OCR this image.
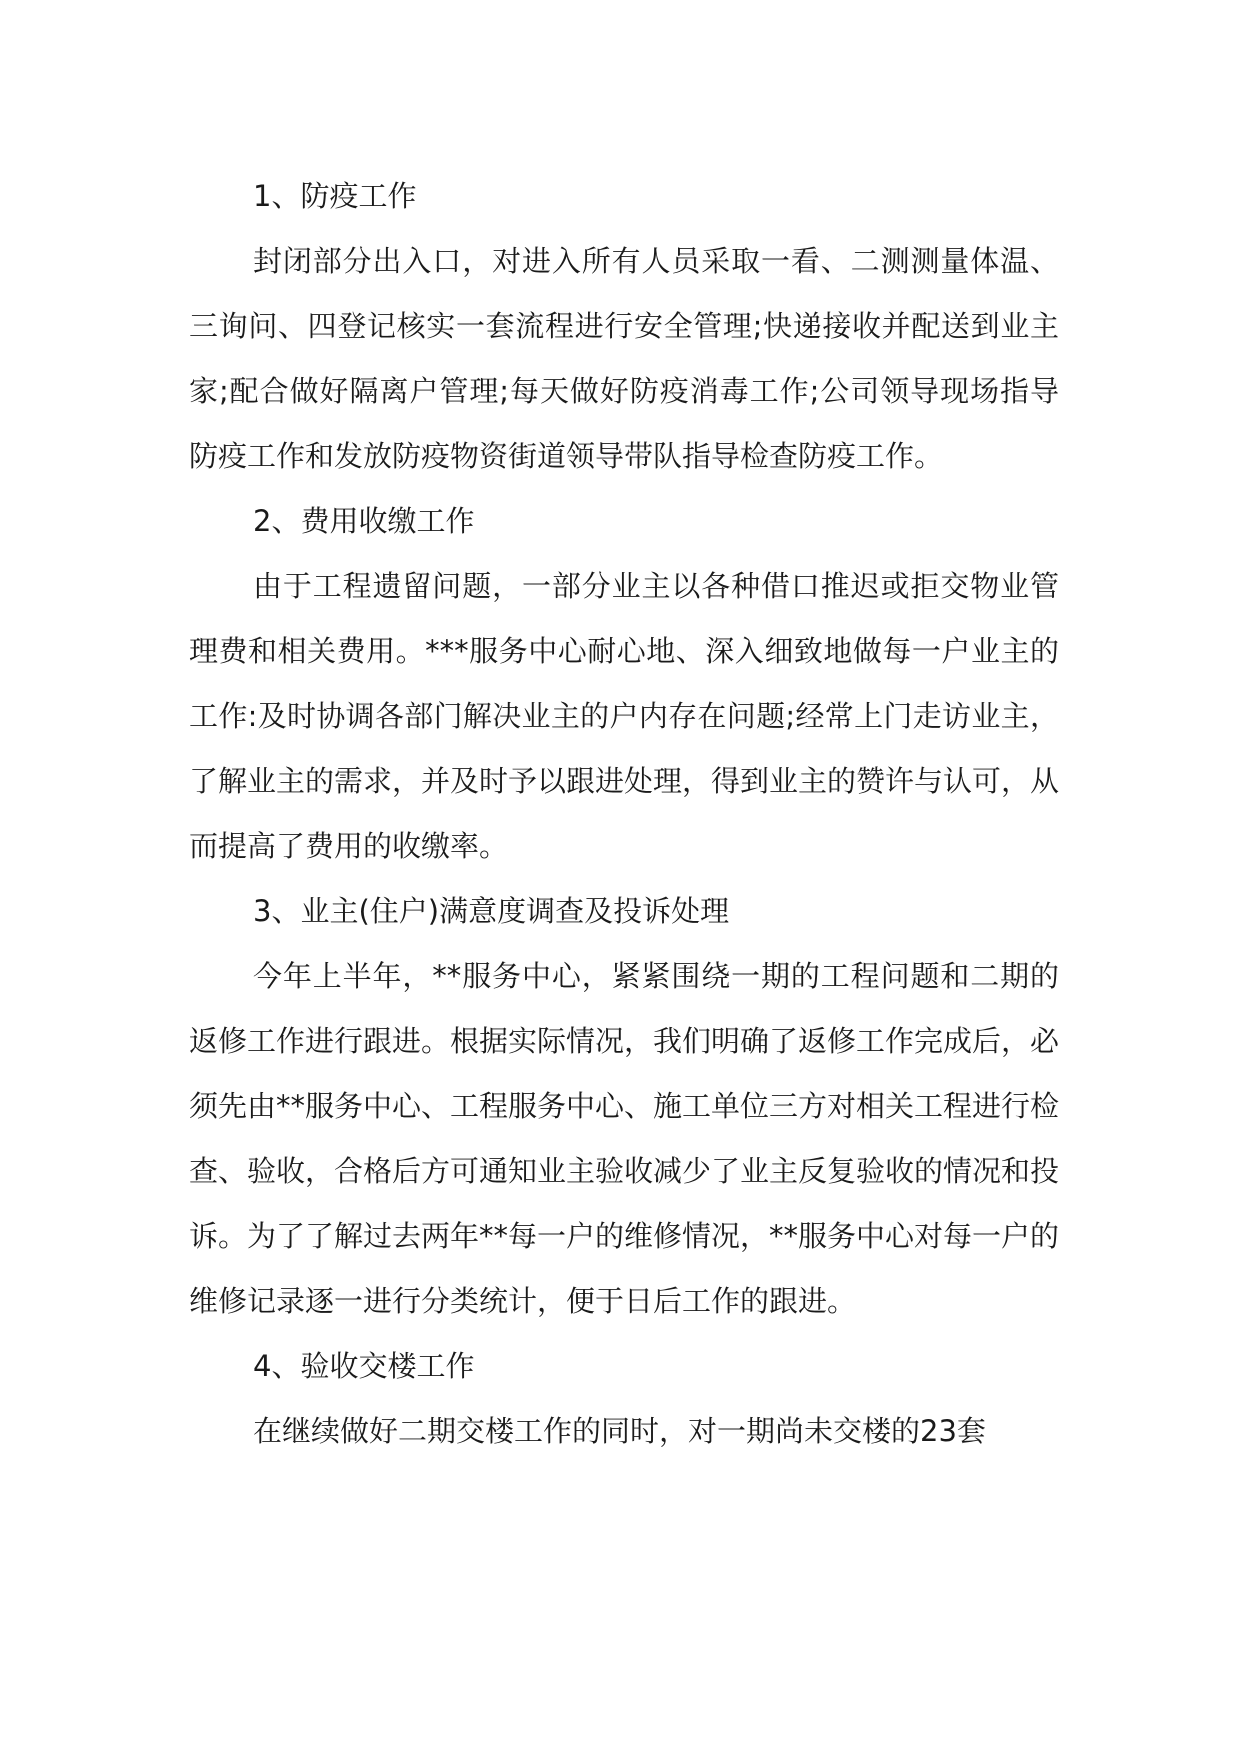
1、防疫工作

封闭部分出入口，对进入所有人员采取一看、二测测量体温、三询问、四登记核实一套流程进行安全管理;快递接收并配送到业主家;配合做好隔离户管理;每天做好防疫消毒工作;公司领导现场指导防疫工作和发放防疫物资街道领导带队指导检查防疫工作。

2、费用收缴工作

由于工程遗留问题，一部分业主以各种借口推迟或拒交物业管理费和相关费用。***服务中心耐心地、深入细致地做每一户业主的工作:及时协调各部门解决业主的户内存在问题;经常上门走访业主，了解业主的需求，并及时予以跟进处理，得到业主的赞许与认可，从而提高了费用的收缴率。

3、业主(住户)满意度调查及投诉处理

今年上半年，**服务中心，紧紧围绕一期的工程问题和二期的返修工作进行跟进。根据实际情况，我们明确了返修工作完成后，必须先由**服务中心、工程服务中心、施工单位三方对相关工程进行检查、验收，合格后方可通知业主验收减少了业主反复验收的情况和投诉。为了了解过去两年**每一户的维修情况，**服务中心对每一户的维修记录逐一进行分类统计，便于日后工作的跟进。

4、验收交楼工作

在继续做好二期交楼工作的同时，对一期尚未交楼的23套
